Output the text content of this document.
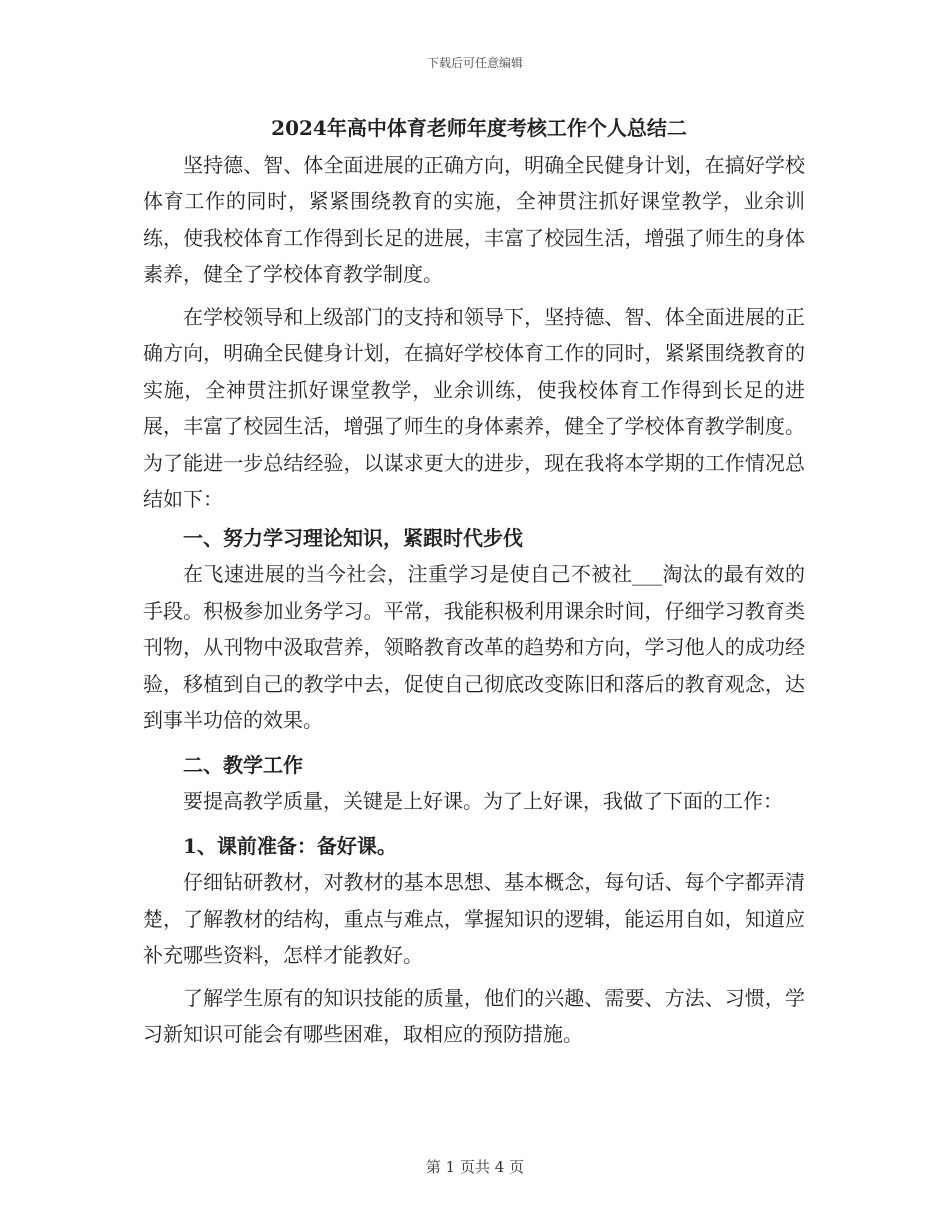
下载后可任意编辑

2024年高中体育老师年度考核工作个人总结二

坚持德、智、体全面进展的正确方向，明确全民健身计划，在搞好学校体育工作的同时，紧紧围绕教育的实施，全神贯注抓好课堂教学，业余训练，使我校体育工作得到长足的进展，丰富了校园生活，增强了师生的身体素养，健全了学校体育教学制度。

在学校领导和上级部门的支持和领导下，坚持德、智、体全面进展的正确方向，明确全民健身计划，在搞好学校体育工作的同时，紧紧围绕教育的实施，全神贯注抓好课堂教学，业余训练，使我校体育工作得到长足的进展，丰富了校园生活，增强了师生的身体素养，健全了学校体育教学制度。为了能进一步总结经验，以谋求更大的进步，现在我将本学期的工作情况总结如下：

一、努力学习理论知识，紧跟时代步伐

在飞速进展的当今社会，注重学习是使自己不被社___淘汰的最有效的手段。积极参加业务学习。平常，我能积极利用课余时间，仔细学习教育类刊物，从刊物中汲取营养，领略教育改革的趋势和方向，学习他人的成功经验，移植到自己的教学中去，促使自己彻底改变陈旧和落后的教育观念，达到事半功倍的效果。

二、教学工作

要提高教学质量，关键是上好课。为了上好课，我做了下面的工作：

1、课前准备：备好课。

仔细钻研教材，对教材的基本思想、基本概念，每句话、每个字都弄清楚，了解教材的结构，重点与难点，掌握知识的逻辑，能运用自如，知道应补充哪些资料，怎样才能教好。

了解学生原有的知识技能的质量，他们的兴趣、需要、方法、习惯，学习新知识可能会有哪些困难，取相应的预防措施。

第 1 页共 4 页
